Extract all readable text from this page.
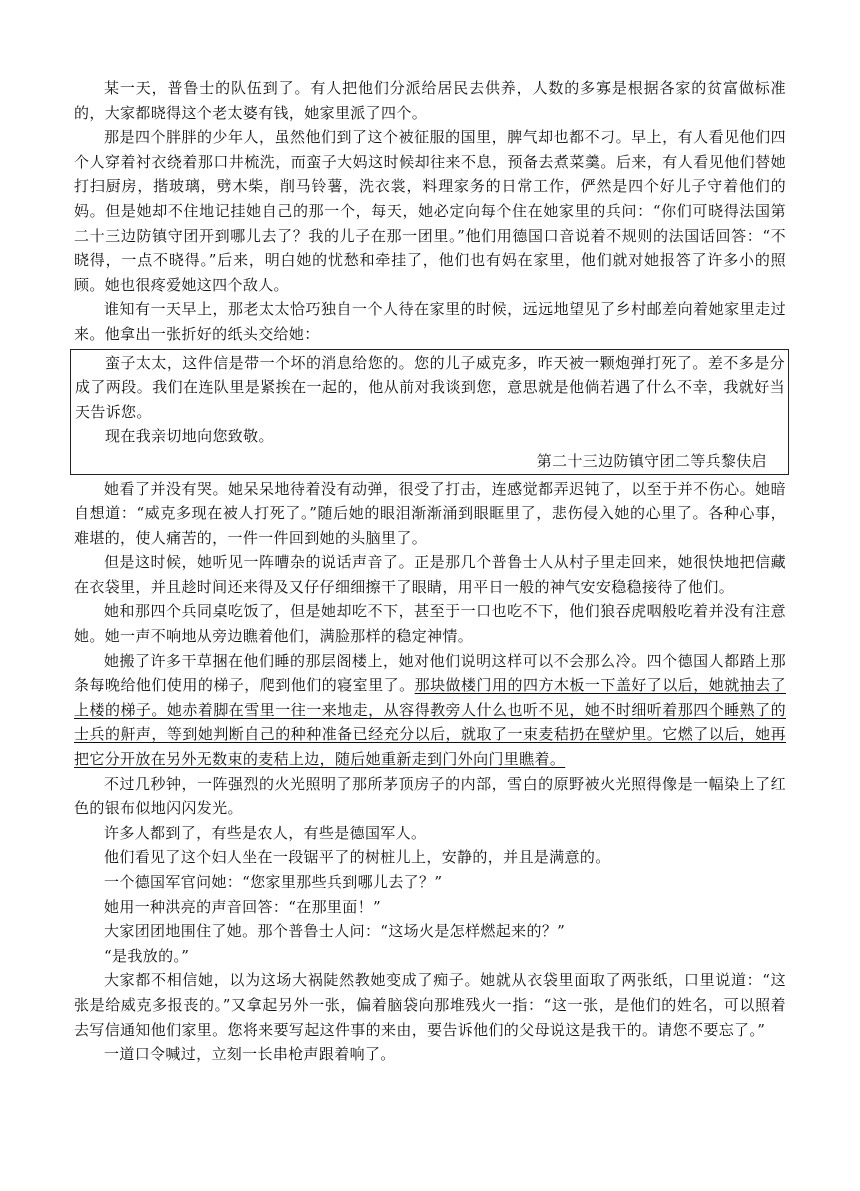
某一天，普鲁士的队伍到了。有人把他们分派给居民去供养，人数的多寡是根据各家的贫富做标准的，大家都晓得这个老太婆有钱，她家里派了四个。

那是四个胖胖的少年人，虽然他们到了这个被征服的国里，脾气却也都不刁。早上，有人看见他们四个人穿着衬衣绕着那口井梳洗，而蛮子大妈这时候却往来不息，预备去煮菜羹。后来，有人看见他们替她打扫厨房，揩玻璃，劈木柴，削马铃薯，洗衣裳，料理家务的日常工作，俨然是四个好儿子守着他们的妈。但是她却不住地记挂她自己的那一个，每天，她必定向每个住在她家里的兵问：“你们可晓得法国第二十三边防镇守团开到哪儿去了？我的儿子在那一团里。”他们用德国口音说着不规则的法国话回答：“不晓得，一点不晓得。”后来，明白她的忧愁和牵挂了，他们也有妈在家里，他们就对她报答了许多小的照顾。她也很疼爱她这四个敌人。

谁知有一天早上，那老太太恰巧独自一个人待在家里的时候，远远地望见了乡村邮差向着她家里走过来。他拿出一张折好的纸头交给她：

蛮子太太，这件信是带一个坏的消息给您的。您的儿子威克多，昨天被一颗炮弹打死了。差不多是分成了两段。我们在连队里是紧挨在一起的，他从前对我谈到您，意思就是他倘若遇了什么不幸，我就好当天告诉您。

现在我亲切地向您致敬。

第二十三边防镇守团二等兵黎伕启

她看了并没有哭。她呆呆地待着没有动弹，很受了打击，连感觉都弄迟钝了，以至于并不伤心。她暗自想道：“威克多现在被人打死了。”随后她的眼泪渐渐涌到眼眶里了，悲伤侵入她的心里了。各种心事，难堪的，使人痛苦的，一件一件回到她的头脑里了。

但是这时候，她听见一阵嘈杂的说话声音了。正是那几个普鲁士人从村子里走回来，她很快地把信藏在衣袋里，并且趁时间还来得及又仔仔细细擦干了眼睛，用平日一般的神气安安稳稳接待了他们。

她和那四个兵同桌吃饭了，但是她却吃不下，甚至于一口也吃不下，他们狼吞虎咽般吃着并没有注意她。她一声不响地从旁边瞧着他们，满脸那样的稳定神情。

她搬了许多干草捆在他们睡的那层阁楼上，她对他们说明这样可以不会那么冷。四个德国人都踏上那条每晚给他们使用的梯子，爬到他们的寝室里了。那块做楼门用的四方木板一下盖好了以后，她就抽去了上楼的梯子。她赤着脚在雪里一往一来地走，从容得教旁人什么也听不见，她不时细听着那四个睡熟了的士兵的鼾声，等到她判断自己的种种准备已经充分以后，就取了一束麦秸扔在壁炉里。它燃了以后，她再把它分开放在另外无数束的麦秸上边，随后她重新走到门外向门里瞧着。

不过几秒钟，一阵强烈的火光照明了那所茅顶房子的内部，雪白的原野被火光照得像是一幅染上了红色的银布似地闪闪发光。

许多人都到了，有些是农人，有些是德国军人。

他们看见了这个妇人坐在一段锯平了的树桩儿上，安静的，并且是满意的。

一个德国军官问她：“您家里那些兵到哪儿去了？”

她用一种洪亮的声音回答：“在那里面！”

大家团团地围住了她。那个普鲁士人问：“这场火是怎样燃起来的？”

“是我放的。”

大家都不相信她，以为这场大祸陡然教她变成了痴子。她就从衣袋里面取了两张纸，口里说道：“这张是给威克多报丧的。”又拿起另外一张，偏着脑袋向那堆残火一指：“这一张，是他们的姓名，可以照着去写信通知他们家里。您将来要写起这件事的来由，要告诉他们的父母说这是我干的。请您不要忘了。”

一道口令喊过，立刻一长串枪声跟着响了。
